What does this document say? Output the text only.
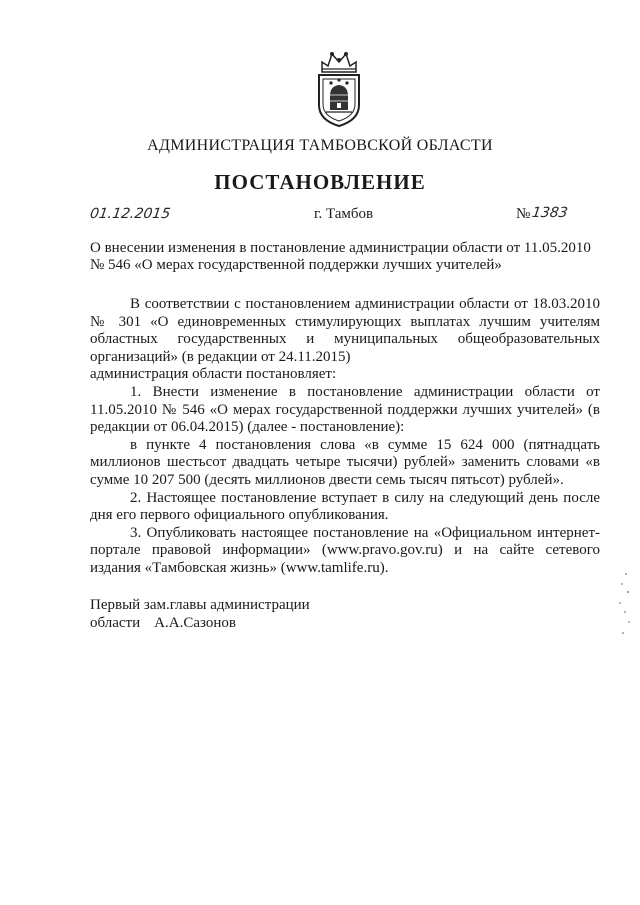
АДМИНИСТРАЦИЯ ТАМБОВСКОЙ ОБЛАСТИ
ПОСТАНОВЛЕНИЕ
01.12.2015	г. Тамбов	№ 1383
О внесении изменения в постановление администрации области от 11.05.2010 № 546 «О мерах государственной поддержки лучших учителей»

В соответствии с постановлением администрации области от 18.03.2010 № 301 «О единовременных стимулирующих выплатах лучшим учителям областных государственных и муниципальных общеобразовательных организаций» (в редакции от 24.11.2015)

администрация области постановляет:

1. Внести изменение в постановление администрации области от 11.05.2010 № 546 «О мерах государственной поддержки лучших учителей» (в редакции от 06.04.2015) (далее - постановление):

в пункте 4 постановления слова «в сумме 15 624 000 (пятнадцать миллионов шестьсот двадцать четыре тысячи) рублей» заменить словами «в сумме 10 207 500 (десять миллионов двести семь тысяч пятьсот) рублей».

2. Настоящее постановление вступает в силу на следующий день после дня его первого официального опубликования.

3. Опубликовать настоящее постановление на «Официальном интернет-портале правовой информации» (www.pravo.gov.ru) и на сайте сетевого издания «Тамбовская жизнь» (www.tamlife.ru).

Первый зам.главы администрации
области А.А.Сазонов
